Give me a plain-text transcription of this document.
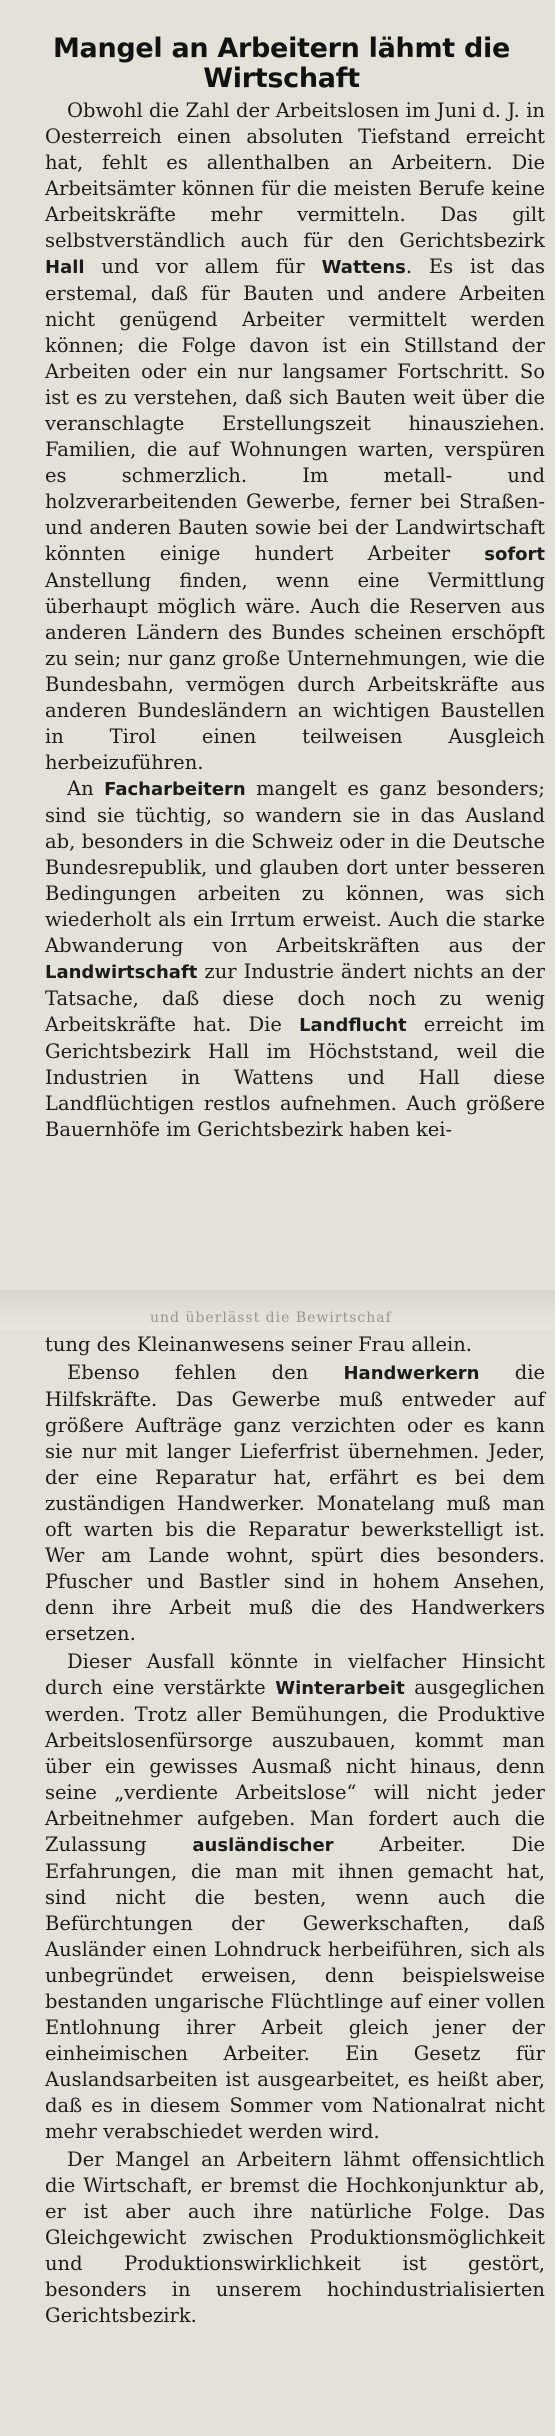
Mangel an Arbeitern lähmt die Wirtschaft

Obwohl die Zahl der Arbeitslosen im Juni d. J. in Oesterreich einen absoluten Tiefstand erreicht hat, fehlt es allenthalben an Arbeitern. Die Arbeitsämter können für die meisten Berufe keine Arbeitskräfte mehr vermitteln. Das gilt selbstverständlich auch für den Gerichtsbezirk Hall und vor allem für Wattens. Es ist das erstemal, daß für Bauten und andere Arbeiten nicht genügend Arbeiter vermittelt werden können; die Folge davon ist ein Stillstand der Arbeiten oder ein nur langsamer Fortschritt. So ist es zu verstehen, daß sich Bauten weit über die veranschlagte Erstellungszeit hinausziehen. Familien, die auf Wohnungen warten, verspüren es schmerzlich. Im metall- und holzverarbeitenden Gewerbe, ferner bei Straßen- und anderen Bauten sowie bei der Landwirtschaft könnten einige hundert Arbeiter sofort Anstellung finden, wenn eine Vermittlung überhaupt möglich wäre. Auch die Reserven aus anderen Ländern des Bundes scheinen erschöpft zu sein; nur ganz große Unternehmungen, wie die Bundesbahn, vermögen durch Arbeitskräfte aus anderen Bundesländern an wichtigen Baustellen in Tirol einen teilweisen Ausgleich herbeizuführen.

An Facharbeitern mangelt es ganz besonders; sind sie tüchtig, so wandern sie in das Ausland ab, besonders in die Schweiz oder in die Deutsche Bundesrepublik, und glauben dort unter besseren Bedingungen arbeiten zu können, was sich wiederholt als ein Irrtum erweist. Auch die starke Abwanderung von Arbeitskräften aus der Landwirtschaft zur Industrie ändert nichts an der Tatsache, daß diese doch noch zu wenig Arbeitskräfte hat. Die Landflucht erreicht im Gerichtsbezirk Hall im Höchststand, weil die Industrien in Wattens und Hall diese Landflüchtigen restlos aufnehmen. Auch größere Bauernhöfe im Gerichtsbezirk haben kei-

und überlässt die Bewirtschaf

tung des Kleinanwesens seiner Frau allein.

Ebenso fehlen den Handwerkern die Hilfskräfte. Das Gewerbe muß entweder auf größere Aufträge ganz verzichten oder es kann sie nur mit langer Lieferfrist übernehmen. Jeder, der eine Reparatur hat, erfährt es bei dem zuständigen Handwerker. Monatelang muß man oft warten bis die Reparatur bewerkstelligt ist. Wer am Lande wohnt, spürt dies besonders. Pfuscher und Bastler sind in hohem Ansehen, denn ihre Arbeit muß die des Handwerkers ersetzen.

Dieser Ausfall könnte in vielfacher Hinsicht durch eine verstärkte Winterarbeit ausgeglichen werden. Trotz aller Bemühungen, die Produktive Arbeitslosenfürsorge auszubauen, kommt man über ein gewisses Ausmaß nicht hinaus, denn seine „verdiente Arbeitslose“ will nicht jeder Arbeitnehmer aufgeben. Man fordert auch die Zulassung ausländischer Arbeiter. Die Erfahrungen, die man mit ihnen gemacht hat, sind nicht die besten, wenn auch die Befürchtungen der Gewerkschaften, daß Ausländer einen Lohndruck herbeiführen, sich als unbegründet erweisen, denn beispielsweise bestanden ungarische Flüchtlinge auf einer vollen Entlohnung ihrer Arbeit gleich jener der einheimischen Arbeiter. Ein Gesetz für Auslandsarbeiten ist ausgearbeitet, es heißt aber, daß es in diesem Sommer vom Nationalrat nicht mehr verabschiedet werden wird.

Der Mangel an Arbeitern lähmt offensichtlich die Wirtschaft, er bremst die Hochkonjunktur ab, er ist aber auch ihre natürliche Folge. Das Gleichgewicht zwischen Produktionsmöglichkeit und Produktionswirklichkeit ist gestört, besonders in unserem hochindustrialisierten Gerichtsbezirk.
